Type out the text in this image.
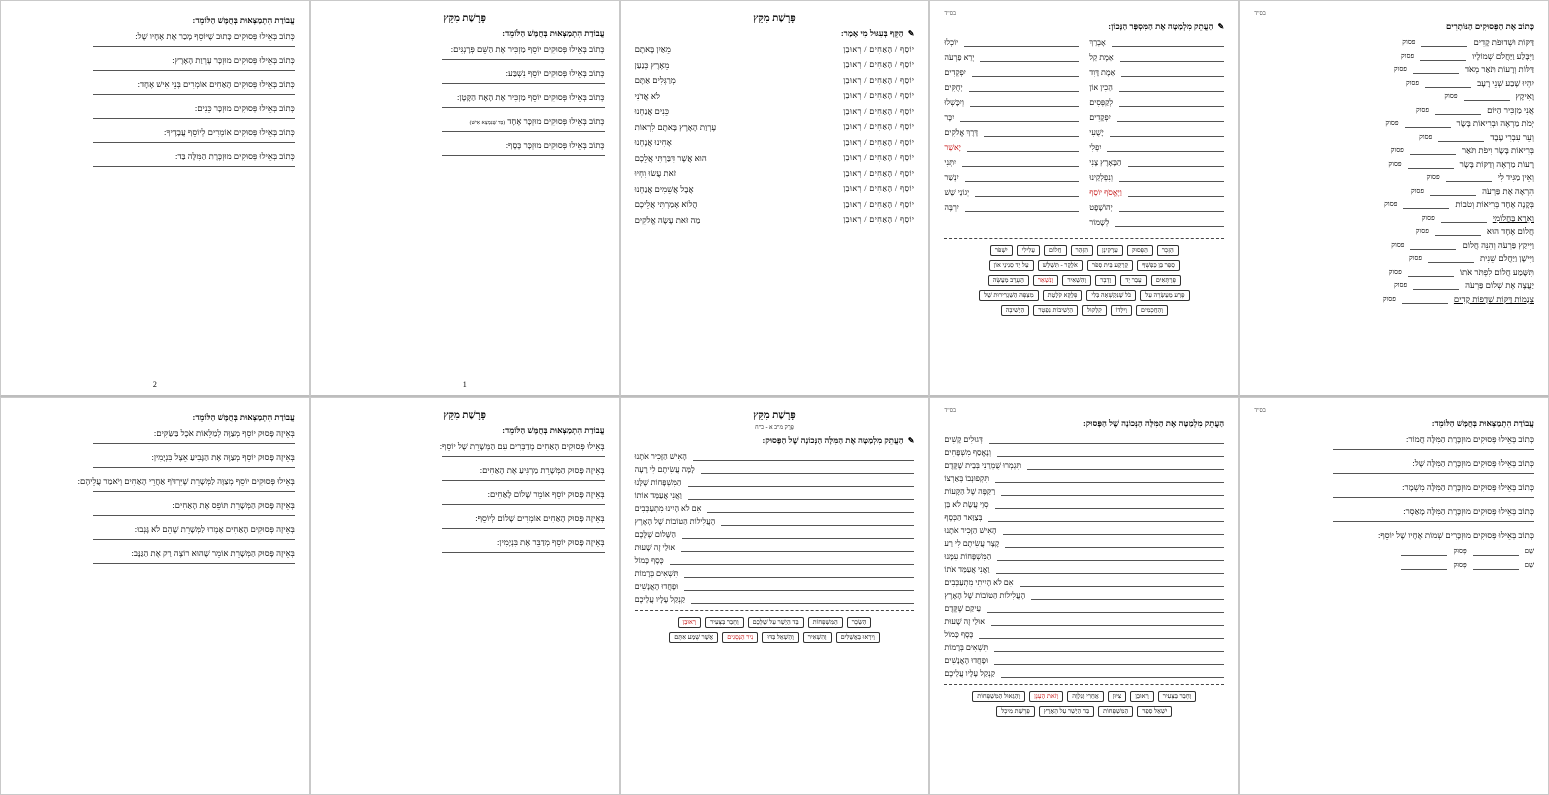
עֲבוֹדַת הִתְמַצְּאוּת בְּחֻמָּשׁ הַלּוֹמֵד:
כְּתוֹב בְּאֵילוּ פְּסוּקִים כָּתוּב שֶׁיּוֹסֵף מָכַר אֶת אֶחָיו שֶׁל:
כְּתוֹב בְּאֵילוּ פְּסוּקִים מוּזְכָּר עֶרְוַת הָאָרֶץ:
כְּתוֹב בְּאֵילוּ פְּסוּקִים הָאַחִים אוֹמְרִים בְּנֵי אִישׁ אֶחָד:
כְּתוֹב בְּאֵילוּ פְּסוּקִים מוּזְכָּר כֵּנִים:
כְּתוֹב בְּאֵילוּ פְּסוּקִים אוֹמְרִים לְיוֹסֵף עֲבָדֶיךָ:
כְּתוֹב בְּאֵילוּ פְּסוּקִים מוּזְכֶּרֶת הַמִּלָּה בַּד:
2
פָּרָשַׁת מִקֵּץ
עֲבוֹדַת הִתְמַצְּאוּת בְּחֻמָּשׁ הַלּוֹמֵד:
כְּתוֹב בְּאֵילוּ פְּסוּקִים יוֹסֵף מַזְכִּיר אֶת הַשֵּׁם פְּרָנְגִּים:
כְּתוֹב בְּאֵילוּ פְּסוּקִים יוֹסֵף נִשְׁבַּע:
כְּתוֹב בְּאֵילוּ פְּסוּקִים יוֹסֵף מַזְכִּיר אֶת הָאָח הַקָּטָן:
כְּתוֹב בְּאֵילוּ פְּסוּקִים מוּזְכָּר אֶחָד (בַּד שֶׁנִּמְצָא אִישׁ)
כְּתוֹב בְּאֵילוּ פְּסוּקִים מוּזְכָּר כֶּסֶף:
1
פָּרָשַׁת מִקֵּץ
✎
הַקֵּף בְּעִגּוּל מִי אָמַר:
יוֹסֵף / הָאַחִים / רְאוּבֵן
מֵאַיִן בָּאתֶם
יוֹסֵף / הָאַחִים / רְאוּבֵן
מֵאֶרֶץ כְּנַעַן
יוֹסֵף / הָאַחִים / רְאוּבֵן
מְרַגְּלִים אַתֶּם
יוֹסֵף / הָאַחִים / רְאוּבֵן
לֹא אֲדֹנִי
יוֹסֵף / הָאַחִים / רְאוּבֵן
כֵּנִים אֲנַחְנוּ
יוֹסֵף / הָאַחִים / רְאוּבֵן
עֶרְוַת הָאָרֶץ בָּאתֶם לִרְאוֹת
יוֹסֵף / הָאַחִים / רְאוּבֵן
אָחִינוּ אֲנָחְנוּ
יוֹסֵף / הָאַחִים / רְאוּבֵן
הוּא אֲשֶׁר דִּבַּרְתִּי אֲלֵכֶם
יוֹסֵף / הָאַחִים / רְאוּבֵן
זֹאת עֲשׂוּ וִחְיוּ
יוֹסֵף / הָאַחִים / רְאוּבֵן
אֲבָל אֲשֵׁמִים אֲנַחְנוּ
יוֹסֵף / הָאַחִים / רְאוּבֵן
הֲלוֹא אָמַרְתִּי אֲלֵיכֶם
יוֹסֵף / הָאַחִים / רְאוּבֵן
מַה זֹּאת עָשָׂה אֱלֹקִים
בס"ד
✎
הַעֲתֵק מִלְמַטָּה אֶת הַמִּסְפָּר הַנָּכוֹן:
אָבְרֵךְ
אֵמֶת קֵל
אֵמֶת דָּוִד
הֵכִין אוֹן
לְקַפְּסִים
יִפְקָדִים
יָשֻׁעִי
יִפְלִי
הַבָּאָרֶץ צָנִי
וְנִפְלְקֵינוּ
וַיֶּאֱסֹף יוֹסֵף
יְהוֹשָׁפָט
לְשָׁמוֹר
יוֹכְלוּ
יְרֵא פַרְעֹה
יִפְקְדִים
יְחֻקִּים
וְיִכָּשְׁלוּ
יִכָּר
דֶּרֶךְ אֱלֹקִים
יָאשֵׁר
יִתְּנִי
יִנְשַׁר
יְגוֹנֵי שֵׁשׁ
יִרְבֶּה
הַזָּכָר
הַפָּסוּק
עַרְקִינָן
הִזָּהֵר
חֲלוֹם
עֲלִילִי
יִשְׁפֹּר
סְפַר בֵּן כַּפְשָׁף
קַרְקַע בֵּית סְפֹר
אֹלֶקֶר - תִּשְׁלַשׁ
עַל יַד סְנִינֵי אוֹן
פָּרְתָּאִים
עָבַר יָד
וְדָבָר
וְהִשְׁאִיר
וְנִשְׁאַר
הֶעָרֵב מְעֻשָּׂה
פָּרַע מֵעַשְׂרָה עַל
כֹּל שֶׁנִּקְשָׁאָה בְּלִי
פָּלֶקָּא קֹלֶטֶת
מִצְפָּה הַשַּׁגְרִירוּת שֶׁל
וְהַחֲכָמִים
וְיִלְּדוֹ
קִלְקוּל
הַיְשִׁיבוֹת נִפְטָר
הַיְשִׁיבָה
בס"ד
כָּתוֹב אֶת הַפְּסוּקִים הַנּוֹתָרִים
דַּקּוֹת וּשְׁדוּפֹת קָדִים
פסוק
וַיִּבָּלַע וַיַּחֲלֹם שְׁמוֹלָיו
פסוק
דַּלּוֹת וְרָעוֹת תֹּאַר מְאֹד
פסוק
יִהְיוּ שֶׁבַע שְׁנֵי רָעָב
פסוק
וָאִיקָץ
פסוק
אֲנִי מַזְכִּיר הַיּוֹם
פסוק
יְמֹת מַרְאֶה וּבְרִיאוֹת בָּשָׂר
פסוק
וְעֵר עִבְרִי עֶבֶד
פסוק
בְּרִיאוֹת בָּשָׂר וִיפֹת תֹּאַר
פסוק
רָעוֹת מַרְאֶה וְדַקּוֹת בָּשָׂר
פסוק
וְאֵין מַגִּיד לִי
פסוק
הִרְאָה אֶת פַּרְעֹה
פסוק
בְּקָנֶה אֶחָד בְּרִיאוֹת וְטֹבוֹת
פסוק
וְאֵרֶא בַּחֲלוֹמִי
פסוק
חֲלוֹם אֶחָד הוּא
פסוק
וַיִּיקַץ פַּרְעֹה וְהִנֵּה חֲלוֹם
פסוק
וַיִּישָׁן וַיַּחֲלֹם שֵׁנִית
פסוק
תִּשָּׁמַע חֲלוֹם לִפְתֹּר אֹתוֹ
פסוק
יַעֲצֶה אֶת שְׁלוֹם פַּרְעֹה
פסוק
צְנֻמוֹת דַּקּוֹת שְׁדֻפוֹת קָדִים
פסוק
עֲבוֹדַת הִתְמַצְּאוּת בְּחֻמָּשׁ הַלּוֹמֵד:
בְּאֵיזֶה פָּסוּק יוֹסֵף מְצַוֶּה לְמַלֵּאוֹת אֹכֶל בַּשַּׂקִּים:
בְּאֵיזֶה פָּסוּק יוֹסֵף מְצַוֶּה אֶת הַגָּבִיעַ אֵצֶל בִּנְיָמִין:
בְּאֵילוּ פְּסוּקִים יוֹסֵף מְצַוֶּה לַמְּשָׁרֵת שֶׁיִּרְדֹּף אַחֲרֵי הָאַחִים וְיֹאמַר עֲלֵיהֶם:
בְּאֵיזֶה פָּסוּק הַמְּשָׁרֵת תּוֹפֵס אֶת הָאַחִים:
בְּאֵיזֶה פְּסוּקִים הָאַחִים אָמְרוּ לַמְּשָׁרֵת שֶׁהֵם לֹא גָּנְבוּ:
בְּאֵיזֶה פָּסוּק הַמְּשָׁרֵת אוֹמֵר שֶׁהוּא רוֹצֶה רַק אֶת הַגַּנָּב:
פָּרָשַׁת מִקֵּץ
עֲבוֹדַת הִתְמַצְּאוּת בְּחֻמָּשׁ הַלּוֹמֵד:
בְּאֵילוּ פְּסוּקִים הָאַחִים מְדַבְּרִים עִם הַמְּשָׁרֵת שֶׁל יוֹסֵף:
בְּאֵיזֶה פָּסוּק הַמְּשָׁרֵת מַרְגִּיעַ אֶת הָאַחִים:
בְּאֵיזֶה פָּסוּק יוֹסֵף אוֹמֵר שָׁלוֹם לָאַחִים:
בְּאֵיזֶה פָּסוּק הָאַחִים אוֹמְרִים שָׁלוֹם לְיוֹסֵף:
בְּאֵיזֶה פָּסוּק יוֹסֵף מְדַבֵּר אֶת בִּנְיָמִין:
פָּרָשַׁת מִקֵּץ
פֶּרֶק מ"ב א - כ"ח
✎
הַעֲתֵק מִלְמַטָּה אֶת הַמִּלָּה הַנְּכוֹנָה שֶׁל הַפָּסוּק:
הָאִישׁ הַזָּכִיר אֹתָנוּ
לָמָּה עֲשִׂיתֶם לִי רָעָה
הַמִּשְׁפָּחוֹת שֶׁלָּנוּ
וַאֲנִי אֲעַמֵּד אוֹתוֹ
אִם לֹא הָיִינוּ מִתְעַכְּבִים
הָעֲלִילוֹת הַטּוֹבוֹת שֶׁל הָאָרֶץ
הַשָּׁלוֹם שֶׁלָּכֶם
אוּלַי זֶה שָׁעוּת
כֶּסֶף כָּמוֹל
תִּשְׁאִים בְּרָמוֹת
וּפָחֲדוּ הָאֲנָשִׁים
קַנְקַל עָלָיו עֲלֵיכֶם
הַשְּׂכָר
הַמִּשְׁפָּחוֹת
בַּד הַיְשֵׁר עַל שֶׁלָּכֶם
וְחָבַר בַּצָּעִיר
רְאוּבֵן
וְיִרְאוּ בַּאֲשֵׁלִים
וְהִשְׁאִיר
וְהַשְׁאֵל בַּדּוּ
נִיר הַנְּסָגִים
אֲשֶׁר שָׁמַע אִתָּם
בס"ד
הַעֲתֵק מִלְמַטָּה אֶת הַמִּלָּה הַנְּכוֹנָה שֶׁל הַפָּסוּק:
דְּגוּלִים קָשִׁים
וְנֶאֱסַף מִשְׁפָּחִים
תִּגְמְרוּ שֻׁמְרֵנִי בְּבֵית שֶׁקֶּדֶם
תִּקְפוּנְבוֹ בְּאַרְצוֹ
רַקַּפֶּה שֶׁל הַקָּעוֹת
סְוֵי עֲשָׂת לֹא בֵּן
בְּצַוַּאר הַכְּסֶף
הָאִישׁ הַזָּכִיר אֹתָנוּ
קָצָר עֲשִׂיתֶם לִי רַע
הַמִּשְׁפָּחוֹת עִמָּנוּ
וַאֲנִי אֲעַמֵּד אֹתוֹ
אִם לֹא הָיִיתִי מִתְעַכְּבִים
הָעֲלִילוֹת הַטּוֹבוֹת שֶׁל הָאָרֶץ
עֵיקַם שֶׁקֶּדֶם
אוּלַי זֶה שָׁעוּת
כֶּסֶף כָּמוֹל
תִּשְׁאִים בְּרָמוֹת
וּפָחֲדוּ הָאֲנָשִׁים
קַנְקַל עָלָיו עֲלֵיכֶם
וְחָבַר בַּצָּעִיר
רְאוּבֵן
צִיּוּן
אֲחֵרִי וְנִלְוָה
וְזֹאת הֶעָנָן
וְהַגֵּאוּל הַמִּשְׁפָּחוֹת
יִשְׁאֵל סְפַר
הַמִּשְׁפָּחוֹת
בַּד הַיְשֵׁר עַל הָאָרֶץ
פָּרָשַׁת מִיכָל
בס"ד
עֲבוֹדַת הִתְמַצְּאוּת בְּחֻמָּשׁ הַלּוֹמֵד:
כְּתוֹב בְּאֵילוּ פְּסוּקִים מוּזְכֶּרֶת הַמִּלָּה חֲמוֹר:
כְּתוֹב בְּאֵילוּ פְּסוּקִים מוּזְכֶּרֶת הַמִּלָּה שֶׁל:
כְּתוֹב בְּאֵילוּ פְּסוּקִים מוּזְכֶּרֶת הַמִּלָּה מִשְׁמָר:
כְּתוֹב בְּאֵילוּ פְּסוּקִים מוּזְכֶּרֶת הַמִּלָּה מָאַסְר:
כְּתוֹב בְּאֵילוּ פְּסוּקִים מוּזְכָּרִים שְׁמוֹת אֶחָיו שֶׁל יוֹסֵף:
שֵׁם
פָּסוּק
שֵׁם
פָּסוּק
